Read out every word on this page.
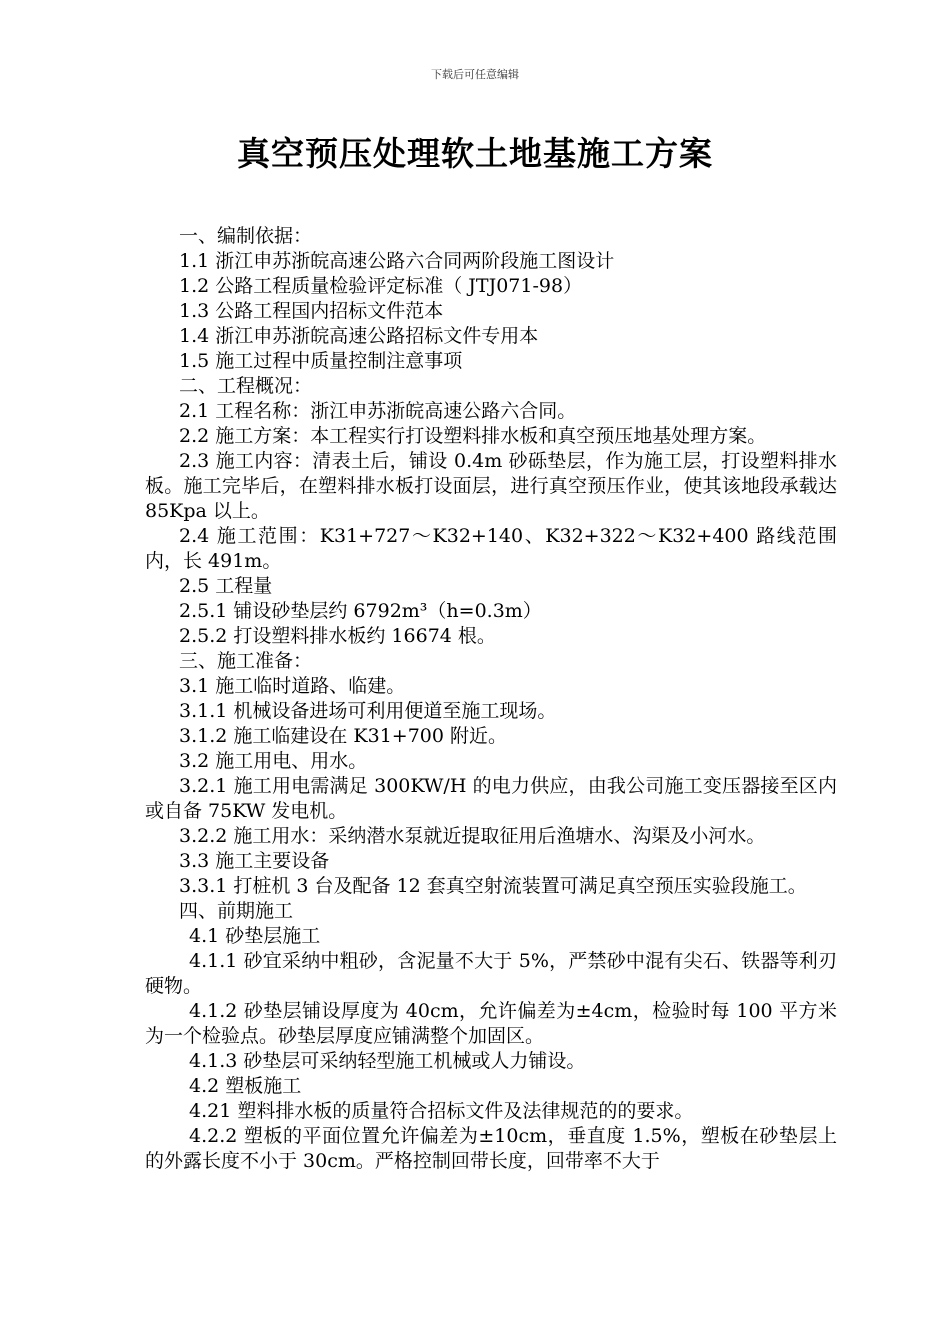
下载后可任意编辑
真空预压处理软土地基施工方案

一、编制依据：

1.1 浙江申苏浙皖高速公路六合同两阶段施工图设计

1.2 公路工程质量检验评定标准（ JTJ071-98）

1.3 公路工程国内招标文件范本

1.4 浙江申苏浙皖高速公路招标文件专用本

1.5 施工过程中质量控制注意事项

二、工程概况：

2.1 工程名称：浙江申苏浙皖高速公路六合同。

2.2 施工方案：本工程实行打设塑料排水板和真空预压地基处理方案。

2.3 施工内容：清表土后，铺设 0.4m 砂砾垫层，作为施工层，打设塑料排水板。施工完毕后，在塑料排水板打设面层，进行真空预压作业，使其该地段承载达 85Kpa 以上。

2.4 施工范围：K31+727～K32+140、K32+322～K32+400 路线范围内，长 491m。

2.5 工程量

2.5.1 铺设砂垫层约 6792m³（h=0.3m）

2.5.2 打设塑料排水板约 16674 根。

三、施工准备：

3.1 施工临时道路、临建。

3.1.1 机械设备进场可利用便道至施工现场。

3.1.2 施工临建设在 K31+700 附近。

3.2 施工用电、用水。

3.2.1 施工用电需满足 300KW/H 的电力供应，由我公司施工变压器接至区内或自备 75KW 发电机。

3.2.2 施工用水：采纳潜水泵就近提取征用后渔塘水、沟渠及小河水。

3.3 施工主要设备

3.3.1 打桩机 3 台及配备 12 套真空射流装置可满足真空预压实验段施工。

四、前期施工

4.1 砂垫层施工

4.1.1 砂宜采纳中粗砂，含泥量不大于 5%，严禁砂中混有尖石、铁器等利刃硬物。

4.1.2 砂垫层铺设厚度为 40cm，允许偏差为±4cm，检验时每 100 平方米为一个检验点。砂垫层厚度应铺满整个加固区。

4.1.3 砂垫层可采纳轻型施工机械或人力铺设。

4.2 塑板施工

4.21 塑料排水板的质量符合招标文件及法律规范的的要求。

4.2.2 塑板的平面位置允许偏差为±10cm，垂直度 1.5%，塑板在砂垫层上的外露长度不小于 30cm。严格控制回带长度，回带率不大于
